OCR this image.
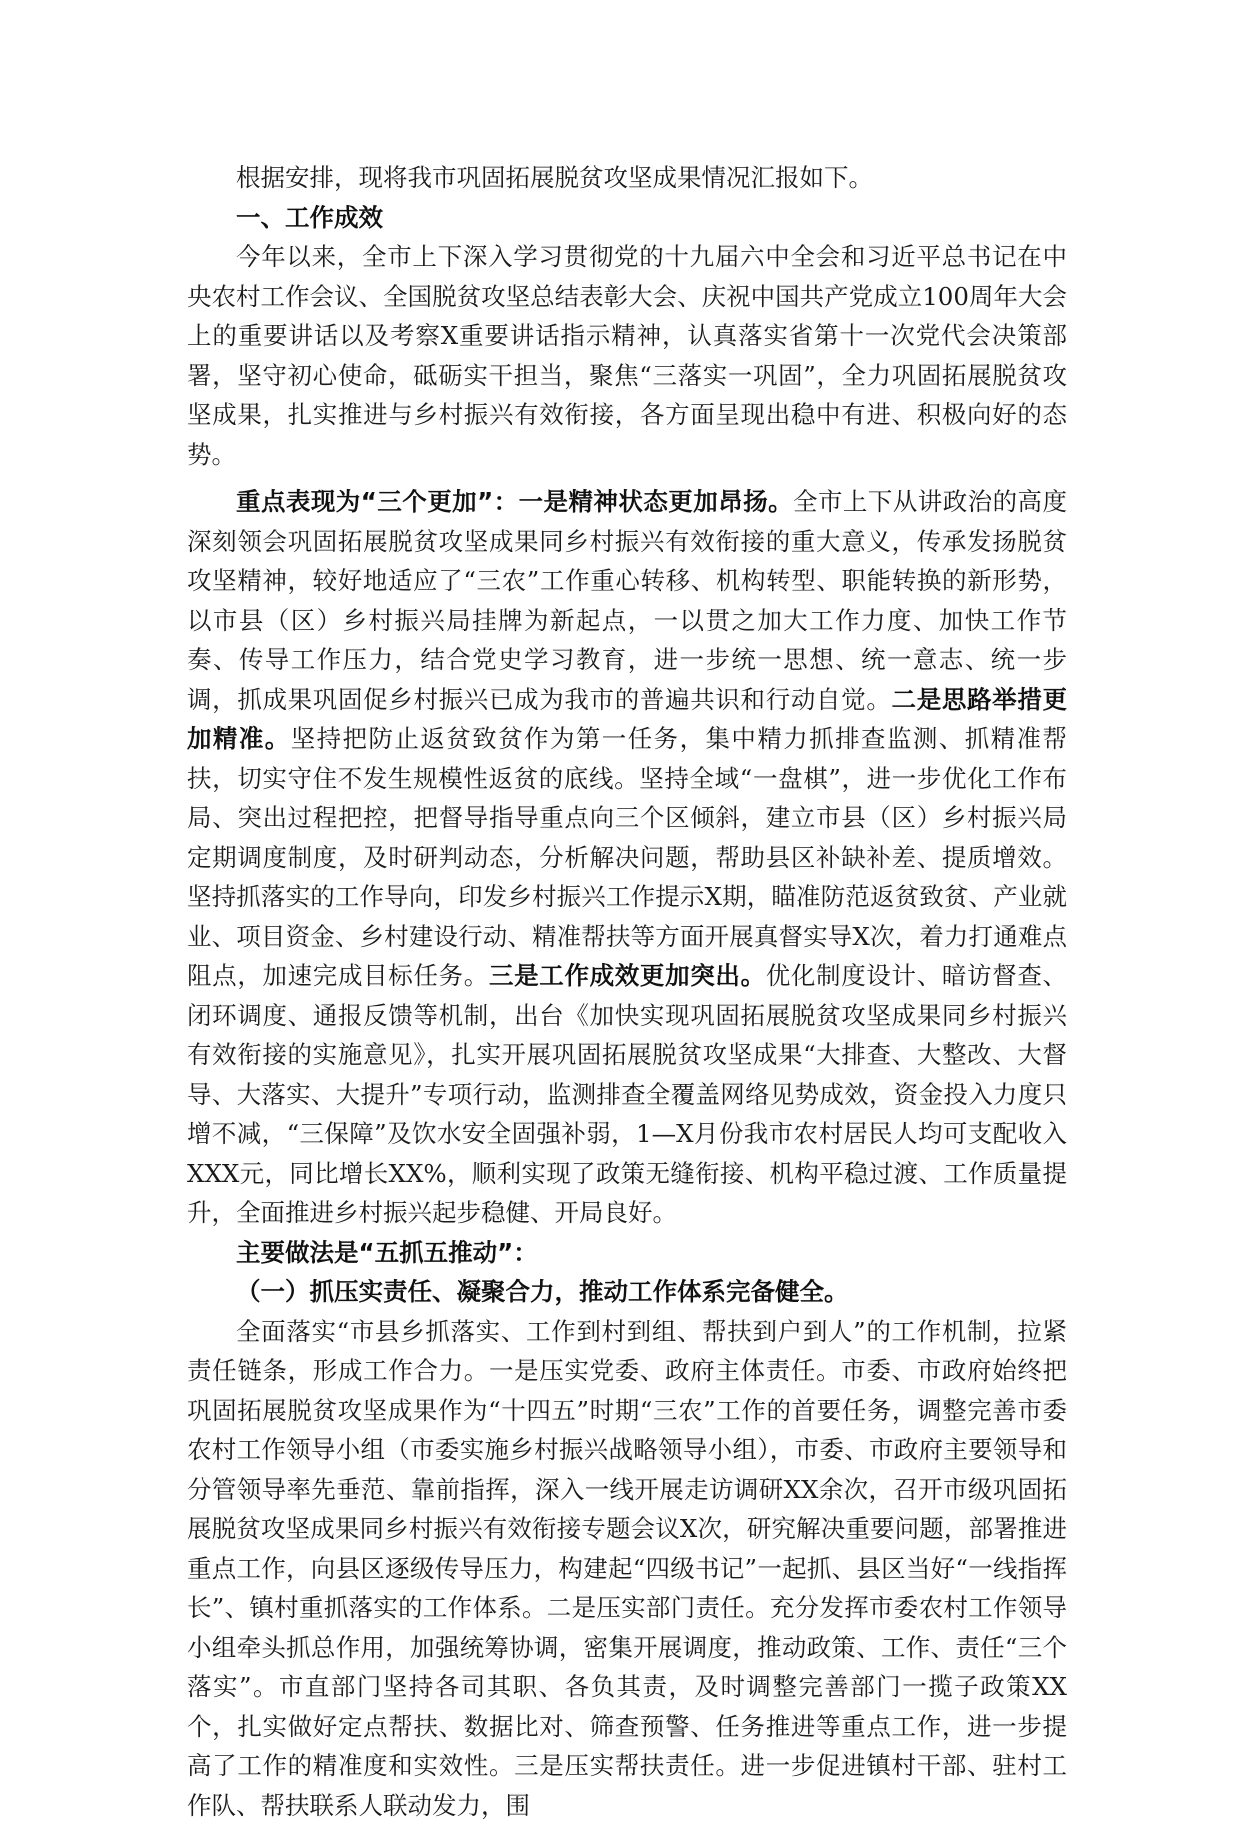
根据安排，现将我市巩固拓展脱贫攻坚成果情况汇报如下。

一、工作成效

今年以来，全市上下深入学习贯彻党的十九届六中全会和习近平总书记在中央农村工作会议、全国脱贫攻坚总结表彰大会、庆祝中国共产党成立100周年大会上的重要讲话以及考察X重要讲话指示精神，认真落实省第十一次党代会决策部署，坚守初心使命，砥砺实干担当，聚焦“三落实一巩固”，全力巩固拓展脱贫攻坚成果，扎实推进与乡村振兴有效衔接，各方面呈现出稳中有进、积极向好的态势。

重点表现为“三个更加”：一是精神状态更加昂扬。全市上下从讲政治的高度深刻领会巩固拓展脱贫攻坚成果同乡村振兴有效衔接的重大意义，传承发扬脱贫攻坚精神，较好地适应了“三农”工作重心转移、机构转型、职能转换的新形势，以市县（区）乡村振兴局挂牌为新起点，一以贯之加大工作力度、加快工作节奏、传导工作压力，结合党史学习教育，进一步统一思想、统一意志、统一步调，抓成果巩固促乡村振兴已成为我市的普遍共识和行动自觉。二是思路举措更加精准。坚持把防止返贫致贫作为第一任务，集中精力抓排查监测、抓精准帮扶，切实守住不发生规模性返贫的底线。坚持全域“一盘棋”，进一步优化工作布局、突出过程把控，把督导指导重点向三个区倾斜，建立市县（区）乡村振兴局定期调度制度，及时研判动态，分析解决问题，帮助县区补缺补差、提质增效。坚持抓落实的工作导向，印发乡村振兴工作提示X期，瞄准防范返贫致贫、产业就业、项目资金、乡村建设行动、精准帮扶等方面开展真督实导X次，着力打通难点阻点，加速完成目标任务。三是工作成效更加突出。优化制度设计、暗访督查、闭环调度、通报反馈等机制，出台《加快实现巩固拓展脱贫攻坚成果同乡村振兴有效衔接的实施意见》，扎实开展巩固拓展脱贫攻坚成果“大排查、大整改、大督导、大落实、大提升”专项行动，监测排查全覆盖网络见势成效，资金投入力度只增不减，“三保障”及饮水安全固强补弱，1—X月份我市农村居民人均可支配收入XXX元，同比增长XX%，顺利实现了政策无缝衔接、机构平稳过渡、工作质量提升，全面推进乡村振兴起步稳健、开局良好。

主要做法是“五抓五推动”：

（一）抓压实责任、凝聚合力，推动工作体系完备健全。

全面落实“市县乡抓落实、工作到村到组、帮扶到户到人”的工作机制，拉紧责任链条，形成工作合力。一是压实党委、政府主体责任。市委、市政府始终把巩固拓展脱贫攻坚成果作为“十四五”时期“三农”工作的首要任务，调整完善市委农村工作领导小组（市委实施乡村振兴战略领导小组），市委、市政府主要领导和分管领导率先垂范、靠前指挥，深入一线开展走访调研XX余次，召开市级巩固拓展脱贫攻坚成果同乡村振兴有效衔接专题会议X次，研究解决重要问题，部署推进重点工作，向县区逐级传导压力，构建起“四级书记”一起抓、县区当好“一线指挥长”、镇村重抓落实的工作体系。二是压实部门责任。充分发挥市委农村工作领导小组牵头抓总作用，加强统筹协调，密集开展调度，推动政策、工作、责任“三个落实”。市直部门坚持各司其职、各负其责，及时调整完善部门一揽子政策XX个，扎实做好定点帮扶、数据比对、筛查预警、任务推进等重点工作，进一步提高了工作的精准度和实效性。三是压实帮扶责任。进一步促进镇村干部、驻村工作队、帮扶联系人联动发力，围
